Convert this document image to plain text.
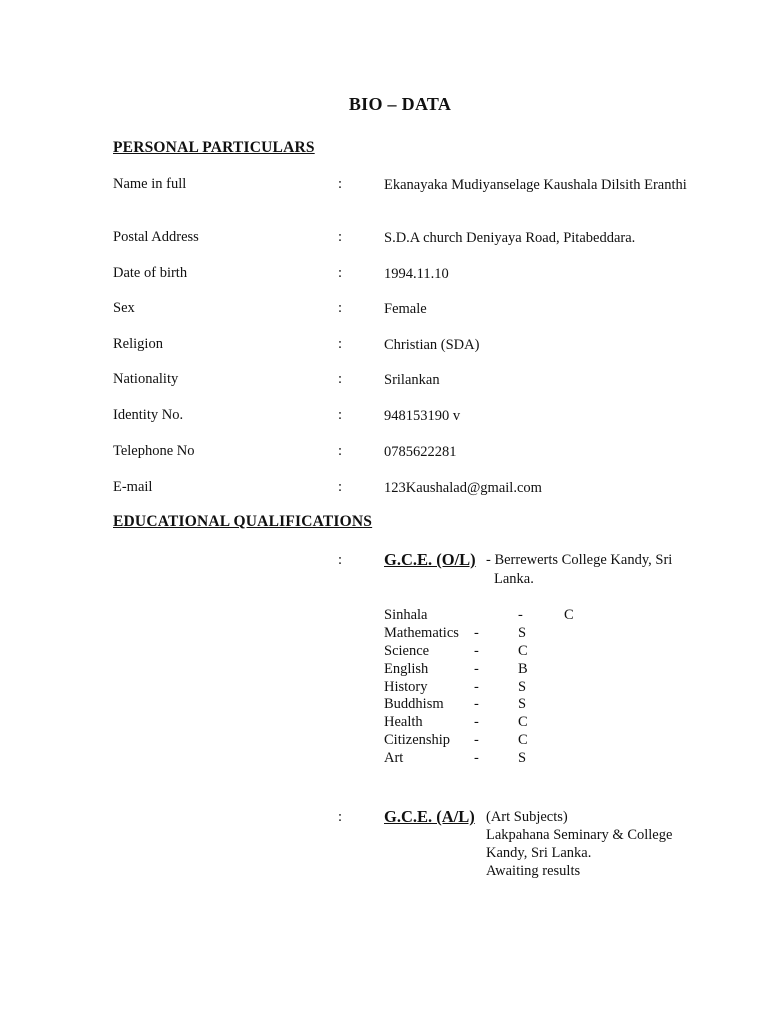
BIO – DATA
PERSONAL PARTICULARS
Name in full	:	Ekanayaka Mudiyanselage Kaushala Dilsith Eranthi
Postal Address	:	S.D.A church Deniyaya Road, Pitabeddara.
Date of birth	:	1994.11.10
Sex	:	Female
Religion	:	Christian (SDA)
Nationality	:	Srilankan
Identity No.	:	948153190 v
Telephone No	:	0785622281
E-mail	:	123Kaushalad@gmail.com
EDUCATIONAL QUALIFICATIONS
:	G.C.E. (O/L) - Berrewerts College Kandy, Sri
Lanka.
Sinhala	-	C
Mathematics -	S
Science	-	C
English	-	B
History	-	S
Buddhism -	S
Health	-	C
Citizenship -	C
Art	-	S
:	G.C.E. (A/L) (Art Subjects)
Lakpahana Seminary & College
Kandy, Sri Lanka.
Awaiting results
